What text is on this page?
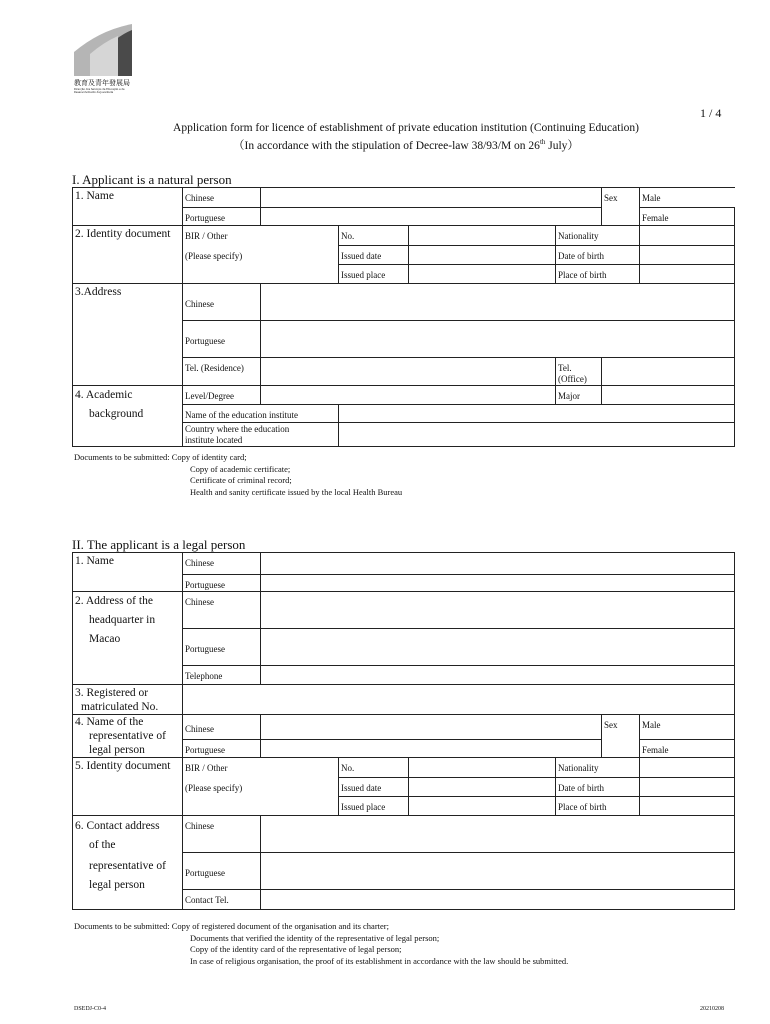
教育及青年發展局
Direcção dos Serviços de Educação e de Desenvolvimento da Juventude
1 / 4
Application form for licence of establishment of private education institution (Continuing Education)
（In accordance with the stipulation of Decree-law 38/93/M on 26th July）
I. Applicant is a natural person
1. Name	Chinese					Sex	Male
	Portuguese						Female
2. Identity document	BIR / Other		No.		Nationality		
	(Please specify)		Issued date		Date of birth		
			Issued place		Place of birth		
3.Address	Chinese						
	Portuguese						
	Tel. (Residence)				Tel. (Office)		

4. Academic
background	Level/Degree				Major		
	Name of the education institute						

	Country where the education
institute located						

Documents to be submitted: Copy of identity card;
Copy of academic certificate;
Certificate of criminal record;
Health and sanity certificate issued by the local Health Bureau
II. The applicant is a legal person
1. Name	Chinese						
	Portuguese						

2. Address of the
headquarter in
Macao	Chinese						
	Portuguese						
	Telephone						

3. Registered or
matriculated No.							

4. Name of the
representative of
legal person	Chinese					Sex	Male
	Portuguese						Female
5. Identity document	BIR / Other		No.		Nationality		
	(Please specify)		Issued date		Date of birth		
			Issued place		Place of birth		

6. Contact address
of the
representative of
legal person	Chinese						
	Portuguese						
	Contact Tel.						
Documents to be submitted: Copy of registered document of the organisation and its charter;
Documents that verified the identity of the representative of legal person;
Copy of the identity card of the representative of legal person;
In case of religious organisation, the proof of its establishment in accordance with the law should be submitted.
DSEDJ-C0-4	20210208
